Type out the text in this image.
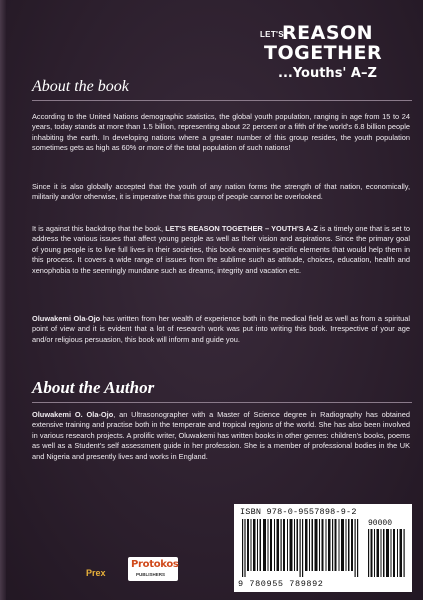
LET'S
REASON
TOGETHER
...Youths' A–Z
About the book
According to the United Nations demographic statistics, the global youth population, ranging in age from 15 to 24 years, today stands at more than 1.5 billion, representing about 22 percent or a fifth of the world's 6.8 billion people inhabiting the earth. In developing nations where a greater number of this group resides, the youth population sometimes gets as high as 60% or more of the total population of such nations!
Since it is also globally accepted that the youth of any nation forms the strength of that nation, economically, militarily and/or otherwise, it is imperative that this group of people cannot be overlooked.
It is against this backdrop that the book, LET'S REASON TOGETHER – YOUTH'S A-Z is a timely one that is set to address the various issues that affect young people as well as their vision and aspirations. Since the primary goal of young people is to live full lives in their societies, this book examines specific elements that would help them in this process. It covers a wide range of issues from the sublime such as attitude, choices, education, health and xenophobia to the seemingly mundane such as dreams, integrity and vacation etc.
Oluwakemi Ola-Ojo has written from her wealth of experience both in the medical field as well as from a spiritual point of view and it is evident that a lot of research work was put into writing this book. Irrespective of your age and/or religious persuasion, this book will inform and guide you.
About the Author
Oluwakemi O. Ola-Ojo, an Ultrasonographer with a Master of Science degree in Radiography has obtained extensive training and practise both in the temperate and tropical regions of the world. She has also been involved in various research projects. A prolific writer, Oluwakemi has written books in other genres: children's books, poems as well as a Student's self assessment guide in her profession. She is a member of professional bodies in the UK and Nigeria and presently lives and works in England.
ISBN 978-0-9557898-9-2
90000
9 780955 789892
Prex
Protokos
PUBLISHERS
